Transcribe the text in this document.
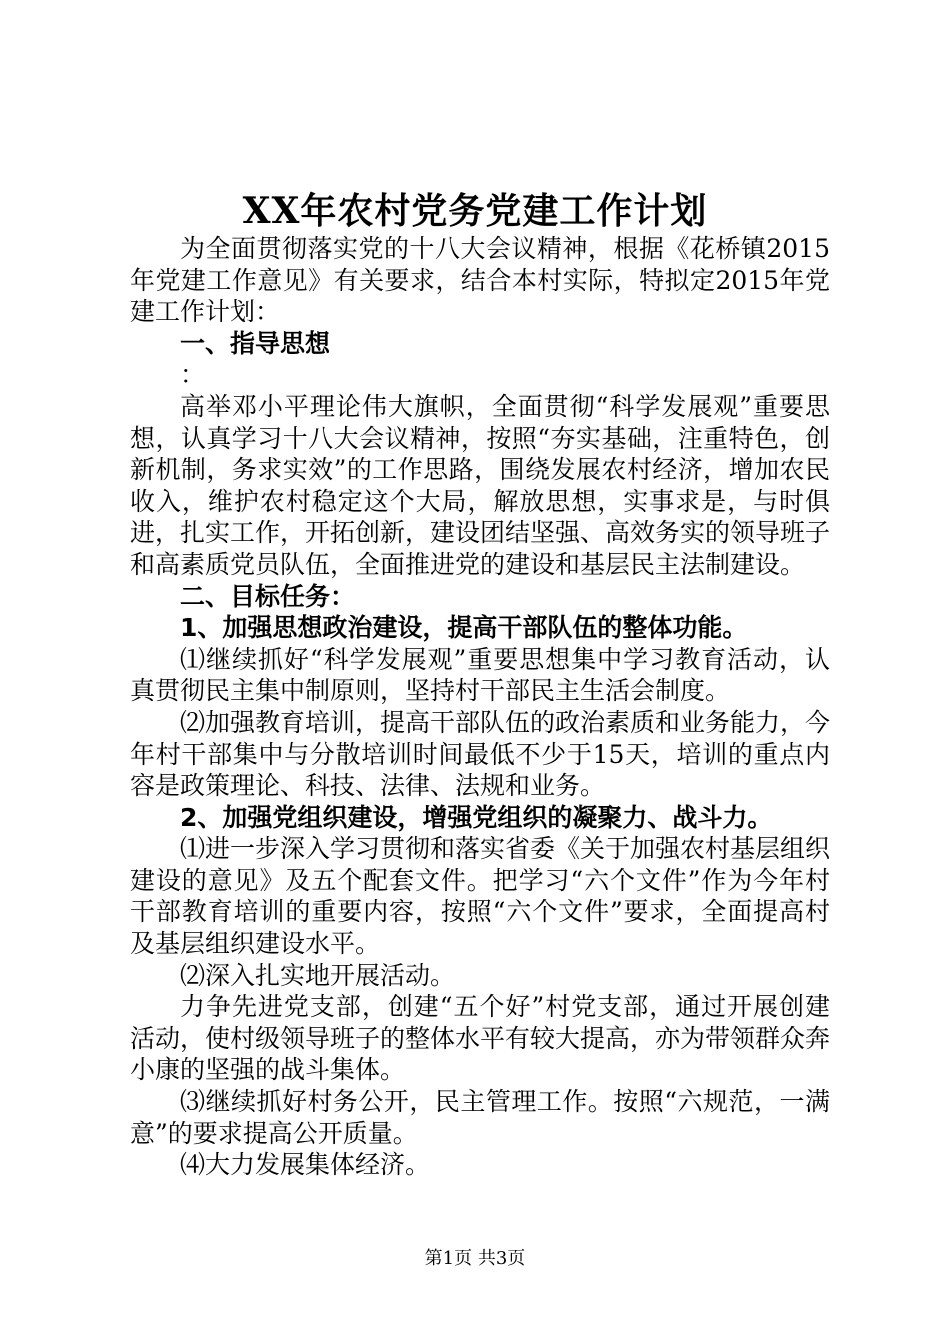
XX年农村党务党建工作计划

为全面贯彻落实党的十八大会议精神，根据《花桥镇2015年党建工作意见》有关要求，结合本村实际，特拟定2015年党建工作计划：

一、指导思想

：

高举邓小平理论伟大旗帜，全面贯彻“科学发展观”重要思想，认真学习十八大会议精神，按照“夯实基础，注重特色，创新机制，务求实效”的工作思路，围绕发展农村经济，增加农民收入，维护农村稳定这个大局，解放思想，实事求是，与时俱进，扎实工作，开拓创新，建设团结坚强、高效务实的领导班子和高素质党员队伍，全面推进党的建设和基层民主法制建设。

二、目标任务：

1、加强思想政治建设，提高干部队伍的整体功能。

⑴继续抓好“科学发展观”重要思想集中学习教育活动，认真贯彻民主集中制原则，坚持村干部民主生活会制度。

⑵加强教育培训，提高干部队伍的政治素质和业务能力，今年村干部集中与分散培训时间最低不少于15天，培训的重点内容是政策理论、科技、法律、法规和业务。

2、加强党组织建设，增强党组织的凝聚力、战斗力。

⑴进一步深入学习贯彻和落实省委《关于加强农村基层组织建设的意见》及五个配套文件。把学习“六个文件”作为今年村干部教育培训的重要内容，按照“六个文件”要求，全面提高村及基层组织建设水平。

⑵深入扎实地开展活动。

力争先进党支部，创建“五个好”村党支部，通过开展创建活动，使村级领导班子的整体水平有较大提高，亦为带领群众奔小康的坚强的战斗集体。

⑶继续抓好村务公开，民主管理工作。按照“六规范，一满意”的要求提高公开质量。

⑷大力发展集体经济。

第1页 共3页
